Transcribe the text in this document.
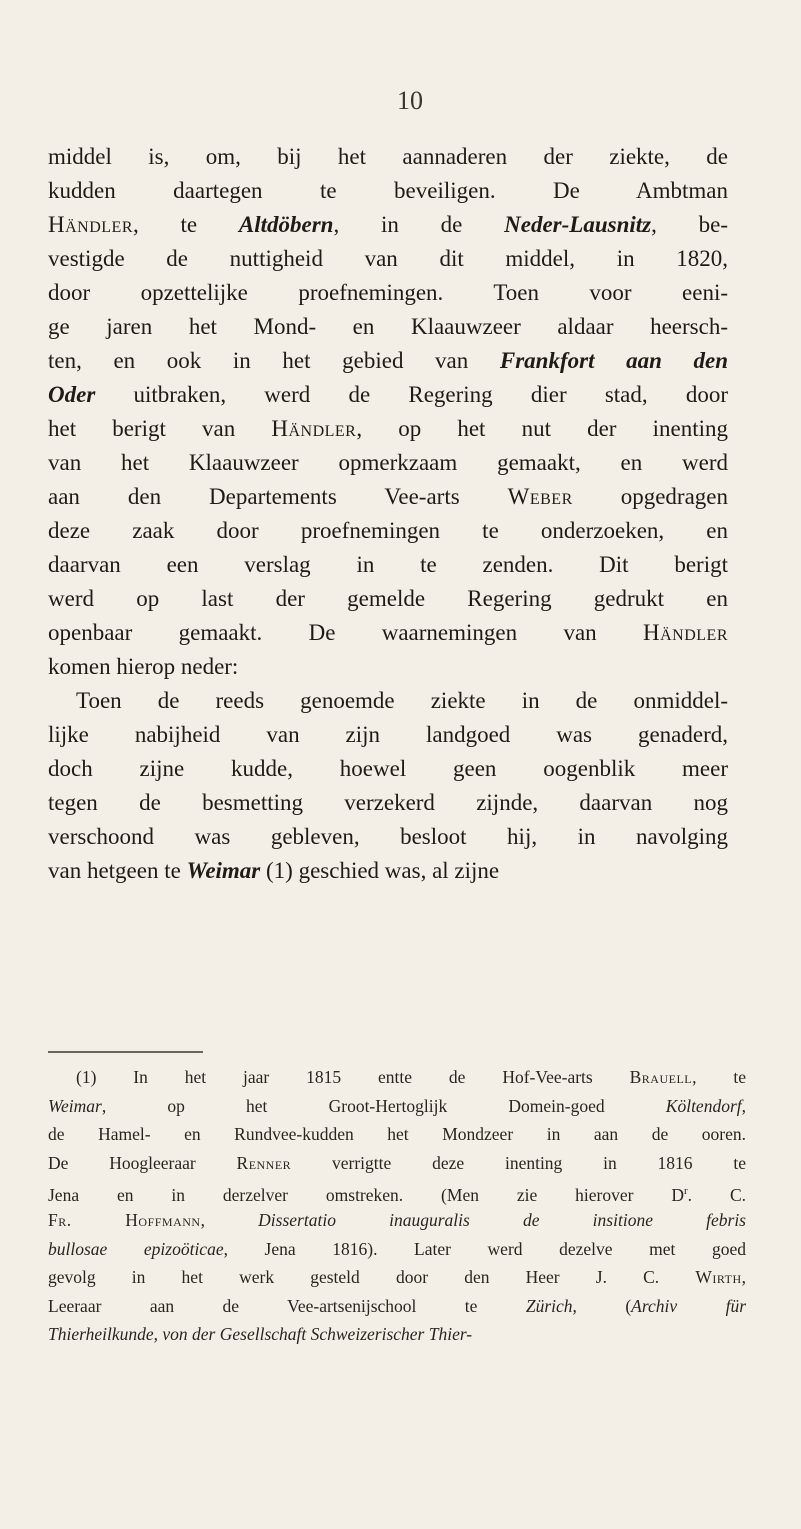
10
middel is, om, bij het aannaderen der ziekte, de
kudden daartegen te beveiligen. De Ambtman
Händler, te Altdöbern, in de Neder-Lausnitz, be-
vestigde de nuttigheid van dit middel, in 1820,
door opzettelijke proefnemingen. Toen voor eeni-
ge jaren het Mond- en Klaauwzeer aldaar heersch-
ten, en ook in het gebied van Frankfort aan den
Oder uitbraken, werd de Regering dier stad, door
het berigt van Händler, op het nut der inenting
van het Klaauwzeer opmerkzaam gemaakt, en werd
aan den Departements Vee-arts Weber opgedragen
deze zaak door proefnemingen te onderzoeken, en
daarvan een verslag in te zenden. Dit berigt
werd op last der gemelde Regering gedrukt en
openbaar gemaakt. De waarnemingen van Händler
komen hierop neder:
Toen de reeds genoemde ziekte in de onmiddel-
lijke nabijheid van zijn landgoed was genaderd,
doch zijne kudde, hoewel geen oogenblik meer
tegen de besmetting verzekerd zijnde, daarvan nog
verschoond was gebleven, besloot hij, in navolging
van hetgeen te Weimar (1) geschied was, al zijne
(1) In het jaar 1815 entte de Hof-Vee-arts Brauell, te
Weimar, op het Groot-Hertoglijk Domein-goed Költendorf,
de Hamel- en Rundvee-kudden het Mondzeer in aan de ooren.
De Hoogleeraar Renner verrigtte deze inenting in 1816 te
Jena en in derzelver omstreken. (Men zie hierover $D^r$. C.
Fr. Hoffmann, Dissertatio inauguralis de insitione febris
bullosae epizoöticae, Jena 1816). Later werd dezelve met goed
gevolg in het werk gesteld door den Heer J. C. Wirth,
Leeraar aan de Vee-artsenijschool te Zürich, (Archiv für
Thierheilkunde, von der Gesellschaft Schweizerischer Thier-
